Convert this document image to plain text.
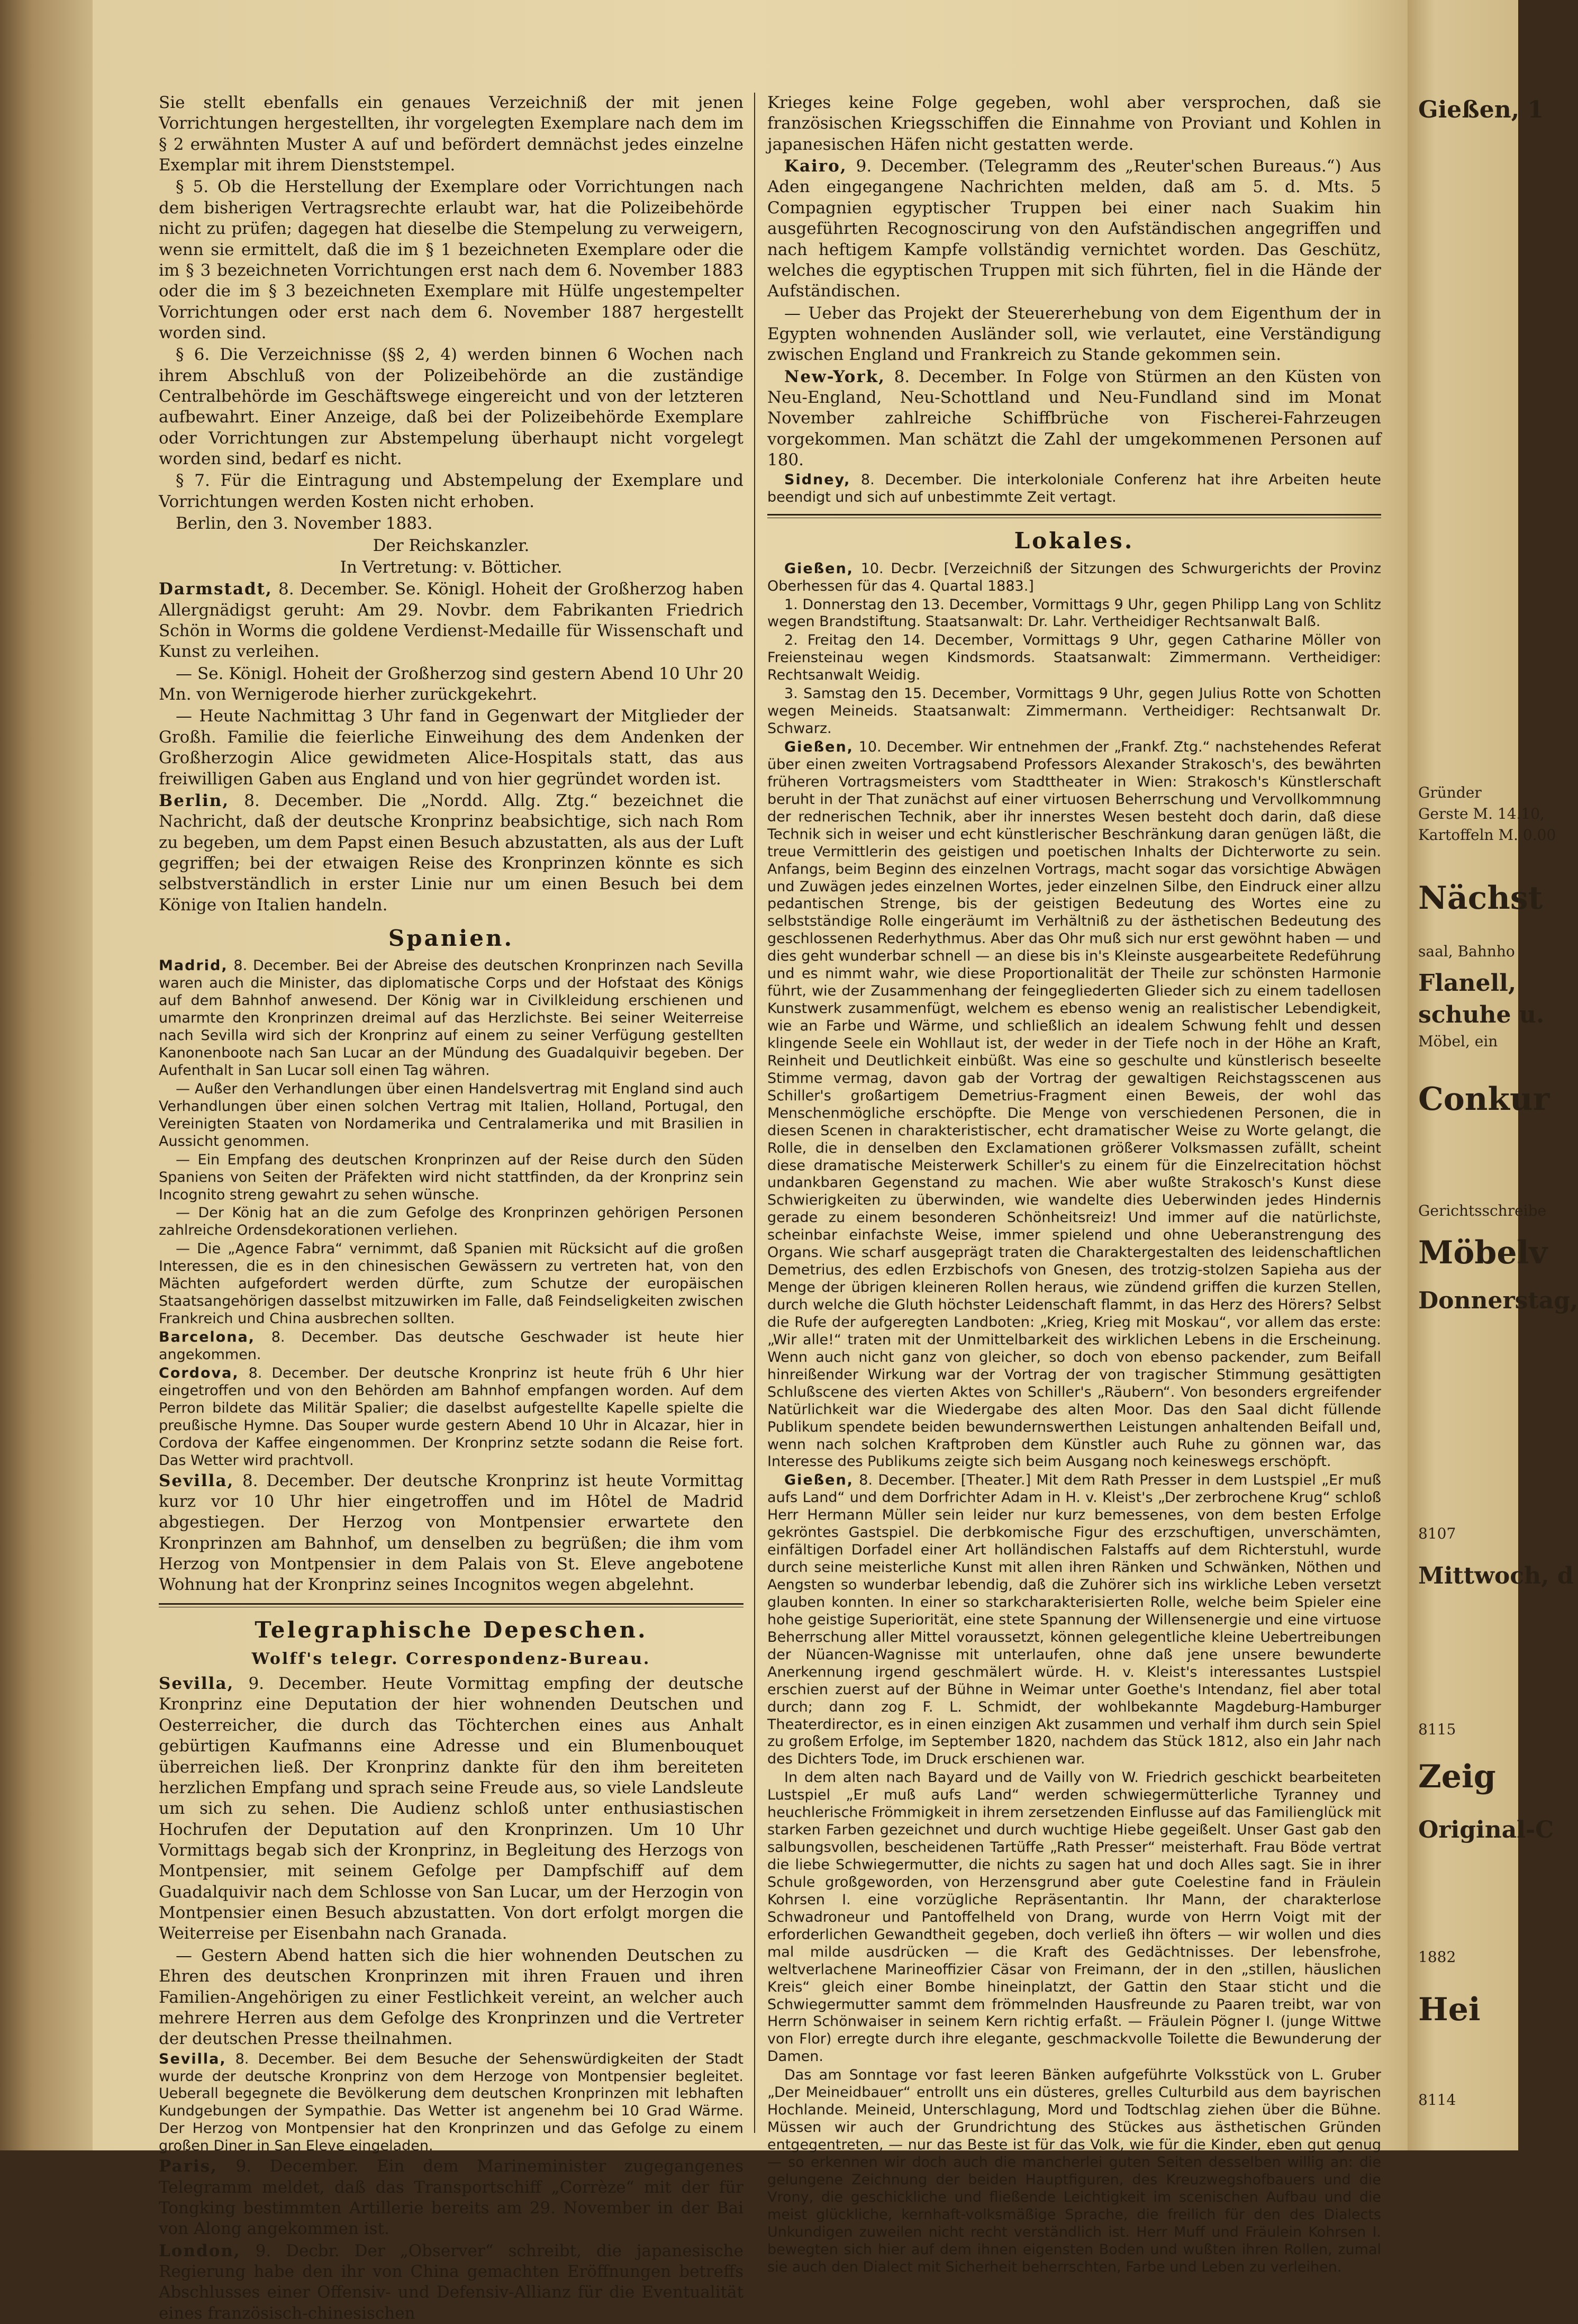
Sie stellt ebenfalls ein genaues Verzeichniß der mit jenen Vorrichtungen hergestellten, ihr vorgelegten Exemplare nach dem im § 2 erwähnten Muster A auf und befördert demnächst jedes einzelne Exemplar mit ihrem Dienststempel.

§ 5. Ob die Herstellung der Exemplare oder Vorrichtungen nach dem bisherigen Vertragsrechte erlaubt war, hat die Polizeibehörde nicht zu prüfen; dagegen hat dieselbe die Stempelung zu verweigern, wenn sie ermittelt, daß die im § 1 bezeichneten Exemplare oder die im § 3 bezeichneten Vorrichtungen erst nach dem 6. November 1883 oder die im § 3 bezeichneten Exemplare mit Hülfe ungestempelter Vorrichtungen oder erst nach dem 6. November 1887 hergestellt worden sind.

§ 6. Die Verzeichnisse (§§ 2, 4) werden binnen 6 Wochen nach ihrem Abschluß von der Polizeibehörde an die zuständige Centralbehörde im Geschäftswege eingereicht und von der letzteren aufbewahrt. Einer Anzeige, daß bei der Polizeibehörde Exemplare oder Vorrichtungen zur Abstempelung überhaupt nicht vorgelegt worden sind, bedarf es nicht.

§ 7. Für die Eintragung und Abstempelung der Exemplare und Vorrichtungen werden Kosten nicht erhoben.

Berlin, den 3. November 1883.

Der Reichskanzler.

In Vertretung: v. Bötticher.

Darmstadt, 8. December. Se. Königl. Hoheit der Großherzog haben Allergnädigst geruht: Am 29. Novbr. dem Fabrikanten Friedrich Schön in Worms die goldene Verdienst-Medaille für Wissenschaft und Kunst zu verleihen.

— Se. Königl. Hoheit der Großherzog sind gestern Abend 10 Uhr 20 Mn. von Wernigerode hierher zurückgekehrt.

— Heute Nachmittag 3 Uhr fand in Gegenwart der Mitglieder der Großh. Familie die feierliche Einweihung des dem Andenken der Großherzogin Alice gewidmeten Alice-Hospitals statt, das aus freiwilligen Gaben aus England und von hier gegründet worden ist.

Berlin, 8. December. Die „Nordd. Allg. Ztg.“ bezeichnet die Nachricht, daß der deutsche Kronprinz beabsichtige, sich nach Rom zu begeben, um dem Papst einen Besuch abzustatten, als aus der Luft gegriffen; bei der etwaigen Reise des Kronprinzen könnte es sich selbstverständlich in erster Linie nur um einen Besuch bei dem Könige von Italien handeln.

Spanien.

Madrid, 8. December. Bei der Abreise des deutschen Kronprinzen nach Sevilla waren auch die Minister, das diplomatische Corps und der Hofstaat des Königs auf dem Bahnhof anwesend. Der König war in Civilkleidung erschienen und umarmte den Kronprinzen dreimal auf das Herzlichste. Bei seiner Weiterreise nach Sevilla wird sich der Kronprinz auf einem zu seiner Verfügung gestellten Kanonenboote nach San Lucar an der Mündung des Guadalquivir begeben. Der Aufenthalt in San Lucar soll einen Tag währen.

— Außer den Verhandlungen über einen Handelsvertrag mit England sind auch Verhandlungen über einen solchen Vertrag mit Italien, Holland, Portugal, den Vereinigten Staaten von Nordamerika und Centralamerika und mit Brasilien in Aussicht genommen.

— Ein Empfang des deutschen Kronprinzen auf der Reise durch den Süden Spaniens von Seiten der Präfekten wird nicht stattfinden, da der Kronprinz sein Incognito streng gewahrt zu sehen wünsche.

— Der König hat an die zum Gefolge des Kronprinzen gehörigen Personen zahlreiche Ordensdekorationen verliehen.

— Die „Agence Fabra“ vernimmt, daß Spanien mit Rücksicht auf die großen Interessen, die es in den chinesischen Gewässern zu vertreten hat, von den Mächten aufgefordert werden dürfte, zum Schutze der europäischen Staatsangehörigen dasselbst mitzuwirken im Falle, daß Feindseligkeiten zwischen Frankreich und China ausbrechen sollten.

Barcelona, 8. December. Das deutsche Geschwader ist heute hier angekommen.

Cordova, 8. December. Der deutsche Kronprinz ist heute früh 6 Uhr hier eingetroffen und von den Behörden am Bahnhof empfangen worden. Auf dem Perron bildete das Militär Spalier; die daselbst aufgestellte Kapelle spielte die preußische Hymne. Das Souper wurde gestern Abend 10 Uhr in Alcazar, hier in Cordova der Kaffee eingenommen. Der Kronprinz setzte sodann die Reise fort. Das Wetter wird prachtvoll.

Sevilla, 8. December. Der deutsche Kronprinz ist heute Vormittag kurz vor 10 Uhr hier eingetroffen und im Hôtel de Madrid abgestiegen. Der Herzog von Montpensier erwartete den Kronprinzen am Bahnhof, um denselben zu begrüßen; die ihm vom Herzog von Montpensier in dem Palais von St. Eleve angebotene Wohnung hat der Kronprinz seines Incognitos wegen abgelehnt.

Telegraphische Depeschen.
Wolff's telegr. Correspondenz-Bureau.

Sevilla, 9. December. Heute Vormittag empfing der deutsche Kronprinz eine Deputation der hier wohnenden Deutschen und Oesterreicher, die durch das Töchterchen eines aus Anhalt gebürtigen Kaufmanns eine Adresse und ein Blumenbouquet überreichen ließ. Der Kronprinz dankte für den ihm bereiteten herzlichen Empfang und sprach seine Freude aus, so viele Landsleute um sich zu sehen. Die Audienz schloß unter enthusiastischen Hochrufen der Deputation auf den Kronprinzen. Um 10 Uhr Vormittags begab sich der Kronprinz, in Begleitung des Herzogs von Montpensier, mit seinem Gefolge per Dampfschiff auf dem Guadalquivir nach dem Schlosse von San Lucar, um der Herzogin von Montpensier einen Besuch abzustatten. Von dort erfolgt morgen die Weiterreise per Eisenbahn nach Granada.

— Gestern Abend hatten sich die hier wohnenden Deutschen zu Ehren des deutschen Kronprinzen mit ihren Frauen und ihren Familien-Angehörigen zu einer Festlichkeit vereint, an welcher auch mehrere Herren aus dem Gefolge des Kronprinzen und die Vertreter der deutschen Presse theilnahmen.

Sevilla, 8. December. Bei dem Besuche der Sehenswürdigkeiten der Stadt wurde der deutsche Kronprinz von dem Herzoge von Montpensier begleitet. Ueberall begegnete die Bevölkerung dem deutschen Kronprinzen mit lebhaften Kundgebungen der Sympathie. Das Wetter ist angenehm bei 10 Grad Wärme. Der Herzog von Montpensier hat den Kronprinzen und das Gefolge zu einem großen Diner in San Eleve eingeladen.

Paris, 9. December. Ein dem Marineminister zugegangenes Telegramm meldet, daß das Transportschiff „Corrèze“ mit der für Tongking bestimmten Artillerie bereits am 29. November in der Bai von Along angekommen ist.

London, 9. Decbr. Der „Observer“ schreibt, die japanesische Regierung habe den ihr von China gemachten Eröffnungen betreffs Abschlusses einer Offensiv- und Defensiv-Allianz für die Eventualität eines französisch-chinesischen

Krieges keine Folge gegeben, wohl aber versprochen, daß sie französischen Kriegsschiffen die Einnahme von Proviant und Kohlen in japanesischen Häfen nicht gestatten werde.

Kairo, 9. December. (Telegramm des „Reuter'schen Bureaus.“) Aus Aden eingegangene Nachrichten melden, daß am 5. d. Mts. 5 Compagnien egyptischer Truppen bei einer nach Suakim hin ausgeführten Recognoscirung von den Aufständischen angegriffen und nach heftigem Kampfe vollständig vernichtet worden. Das Geschütz, welches die egyptischen Truppen mit sich führten, fiel in die Hände der Aufständischen.

— Ueber das Projekt der Steuererhebung von dem Eigenthum der in Egypten wohnenden Ausländer soll, wie verlautet, eine Verständigung zwischen England und Frankreich zu Stande gekommen sein.

New-York, 8. December. In Folge von Stürmen an den Küsten von Neu-England, Neu-Schottland und Neu-Fundland sind im Monat November zahlreiche Schiffbrüche von Fischerei-Fahrzeugen vorgekommen. Man schätzt die Zahl der umgekommenen Personen auf 180.

Sidney, 8. December. Die interkoloniale Conferenz hat ihre Arbeiten heute beendigt und sich auf unbestimmte Zeit vertagt.

Lokales.

Gießen, 10. Decbr. [Verzeichniß der Sitzungen des Schwurgerichts der Provinz Oberhessen für das 4. Quartal 1883.]

1. Donnerstag den 13. December, Vormittags 9 Uhr, gegen Philipp Lang von Schlitz wegen Brandstiftung. Staatsanwalt: Dr. Lahr. Vertheidiger Rechtsanwalt Balß.

2. Freitag den 14. December, Vormittags 9 Uhr, gegen Catharine Möller von Freiensteinau wegen Kindsmords. Staatsanwalt: Zimmermann. Vertheidiger: Rechtsanwalt Weidig.

3. Samstag den 15. December, Vormittags 9 Uhr, gegen Julius Rotte von Schotten wegen Meineids. Staatsanwalt: Zimmermann. Vertheidiger: Rechtsanwalt Dr. Schwarz.

Gießen, 10. December. Wir entnehmen der „Frankf. Ztg.“ nachstehendes Referat über einen zweiten Vortragsabend Professors Alexander Strakosch's, des bewährten früheren Vortragsmeisters vom Stadttheater in Wien: Strakosch's Künstlerschaft beruht in der That zunächst auf einer virtuosen Beherrschung und Vervollkommnung der rednerischen Technik, aber ihr innerstes Wesen besteht doch darin, daß diese Technik sich in weiser und echt künstlerischer Beschränkung daran genügen läßt, die treue Vermittlerin des geistigen und poetischen Inhalts der Dichterworte zu sein. Anfangs, beim Beginn des einzelnen Vortrags, macht sogar das vorsichtige Abwägen und Zuwägen jedes einzelnen Wortes, jeder einzelnen Silbe, den Eindruck einer allzu pedantischen Strenge, bis der geistigen Bedeutung des Wortes eine zu selbstständige Rolle eingeräumt im Verhältniß zu der ästhetischen Bedeutung des geschlossenen Rederhythmus. Aber das Ohr muß sich nur erst gewöhnt haben — und dies geht wunderbar schnell — an diese bis in's Kleinste ausgearbeitete Redeführung und es nimmt wahr, wie diese Proportionalität der Theile zur schönsten Harmonie führt, wie der Zusammenhang der feingegliederten Glieder sich zu einem tadellosen Kunstwerk zusammenfügt, welchem es ebenso wenig an realistischer Lebendigkeit, wie an Farbe und Wärme, und schließlich an idealem Schwung fehlt und dessen klingende Seele ein Wohllaut ist, der weder in der Tiefe noch in der Höhe an Kraft, Reinheit und Deutlichkeit einbüßt. Was eine so geschulte und künstlerisch beseelte Stimme vermag, davon gab der Vortrag der gewaltigen Reichstagsscenen aus Schiller's großartigem Demetrius-Fragment einen Beweis, der wohl das Menschenmögliche erschöpfte. Die Menge von verschiedenen Personen, die in diesen Scenen in charakteristischer, echt dramatischer Weise zu Worte gelangt, die Rolle, die in denselben den Exclamationen größerer Volksmassen zufällt, scheint diese dramatische Meisterwerk Schiller's zu einem für die Einzelrecitation höchst undankbaren Gegenstand zu machen. Wie aber wußte Strakosch's Kunst diese Schwierigkeiten zu überwinden, wie wandelte dies Ueberwinden jedes Hindernis gerade zu einem besonderen Schönheitsreiz! Und immer auf die natürlichste, scheinbar einfachste Weise, immer spielend und ohne Ueberanstrengung des Organs. Wie scharf ausgeprägt traten die Charaktergestalten des leidenschaftlichen Demetrius, des edlen Erzbischofs von Gnesen, des trotzig-stolzen Sapieha aus der Menge der übrigen kleineren Rollen heraus, wie zündend griffen die kurzen Stellen, durch welche die Gluth höchster Leidenschaft flammt, in das Herz des Hörers? Selbst die Rufe der aufgeregten Landboten: „Krieg, Krieg mit Moskau“, vor allem das erste: „Wir alle!“ traten mit der Unmittelbarkeit des wirklichen Lebens in die Erscheinung. Wenn auch nicht ganz von gleicher, so doch von ebenso packender, zum Beifall hinreißender Wirkung war der Vortrag der von tragischer Stimmung gesättigten Schlußscene des vierten Aktes von Schiller's „Räubern“. Von besonders ergreifender Natürlichkeit war die Wiedergabe des alten Moor. Das den Saal dicht füllende Publikum spendete beiden bewundernswerthen Leistungen anhaltenden Beifall und, wenn nach solchen Kraftproben dem Künstler auch Ruhe zu gönnen war, das Interesse des Publikums zeigte sich beim Ausgang noch keineswegs erschöpft.

Gießen, 8. December. [Theater.] Mit dem Rath Presser in dem Lustspiel „Er muß aufs Land“ und dem Dorfrichter Adam in H. v. Kleist's „Der zerbrochene Krug“ schloß Herr Hermann Müller sein leider nur kurz bemessenes, von dem besten Erfolge gekröntes Gastspiel. Die derbkomische Figur des erzschuftigen, unverschämten, einfältigen Dorfadel einer Art holländischen Falstaffs auf dem Richterstuhl, wurde durch seine meisterliche Kunst mit allen ihren Ränken und Schwänken, Nöthen und Aengsten so wunderbar lebendig, daß die Zuhörer sich ins wirkliche Leben versetzt glauben konnten. In einer so starkcharakterisierten Rolle, welche beim Spieler eine hohe geistige Superiorität, eine stete Spannung der Willensenergie und eine virtuose Beherrschung aller Mittel voraussetzt, können gelegentliche kleine Uebertreibungen der Nüancen-Wagnisse mit unterlaufen, ohne daß jene unsere bewunderte Anerkennung irgend geschmälert würde. H. v. Kleist's interessantes Lustspiel erschien zuerst auf der Bühne in Weimar unter Goethe's Intendanz, fiel aber total durch; dann zog F. L. Schmidt, der wohlbekannte Magdeburg-Hamburger Theaterdirector, es in einen einzigen Akt zusammen und verhalf ihm durch sein Spiel zu großem Erfolge, im September 1820, nachdem das Stück 1812, also ein Jahr nach des Dichters Tode, im Druck erschienen war.

In dem alten nach Bayard und de Vailly von W. Friedrich geschickt bearbeiteten Lustspiel „Er muß aufs Land“ werden schwiegermütterliche Tyranney und heuchlerische Frömmigkeit in ihrem zersetzenden Einflusse auf das Familienglück mit starken Farben gezeichnet und durch wuchtige Hiebe gegeißelt. Unser Gast gab den salbungsvollen, bescheidenen Tartüffe „Rath Presser“ meisterhaft. Frau Böde vertrat die liebe Schwiegermutter, die nichts zu sagen hat und doch Alles sagt. Sie in ihrer Schule großgeworden, von Herzensgrund aber gute Coelestine fand in Fräulein Kohrsen I. eine vorzügliche Repräsentantin. Ihr Mann, der charakterlose Schwadroneur und Pantoffelheld von Drang, wurde von Herrn Voigt mit der erforderlichen Gewandtheit gegeben, doch verließ ihn öfters — wir wollen und dies mal milde ausdrücken — die Kraft des Gedächtnisses. Der lebensfrohe, weltverlachene Marineoffizier Cäsar von Freimann, der in den „stillen, häuslichen Kreis“ gleich einer Bombe hineinplatzt, der Gattin den Staar sticht und die Schwiegermutter sammt dem frömmelnden Hausfreunde zu Paaren treibt, war von Herrn Schönwaiser in seinem Kern richtig erfaßt. — Fräulein Pögner I. (junge Wittwe von Flor) erregte durch ihre elegante, geschmackvolle Toilette die Bewunderung der Damen.

Das am Sonntage vor fast leeren Bänken aufgeführte Volksstück von L. Gruber „Der Meineidbauer“ entrollt uns ein düsteres, grelles Culturbild aus dem bayrischen Hochlande. Meineid, Unterschlagung, Mord und Todtschlag ziehen über die Bühne. Müssen wir auch der Grundrichtung des Stückes aus ästhetischen Gründen entgegentreten, — nur das Beste ist für das Volk, wie für die Kinder, eben gut genug — so erkennen wir doch auch die mancherlei guten Seiten desselben willig an: die gelungene Zeichnung der beiden Hauptfiguren, des Kreuzwegshofbauers und die Vrony, die geschickliche und fließende Leichtigkeit im scenischen Aufbau und die meist glückliche, kernhaft-volksmäßige Sprache, die freilich für den des Dialects Unkundigen zuweilen nicht recht verständlich ist. Herr Muff und Fräulein Kohrsen I. bewegten sich hier auf dem ihnen eigensten Boden und wußten ihren Rollen, zumal sie auch den Dialect mit Sicherheit beherrschten, Farbe und Leben zu verleihen.

Gießen, 1
Gründer
Gerste M. 14.10,
Kartoffeln M. 0.00
Nächst
saal, Bahnho
Flanell,
schuhe u.
Möbel, ein
Conkur
Gerichtsschreibe
Möbelv
Donnerstag,
8107
Mittwoch, d
8115
Zeig
Original-C
1882
Hei
8114
